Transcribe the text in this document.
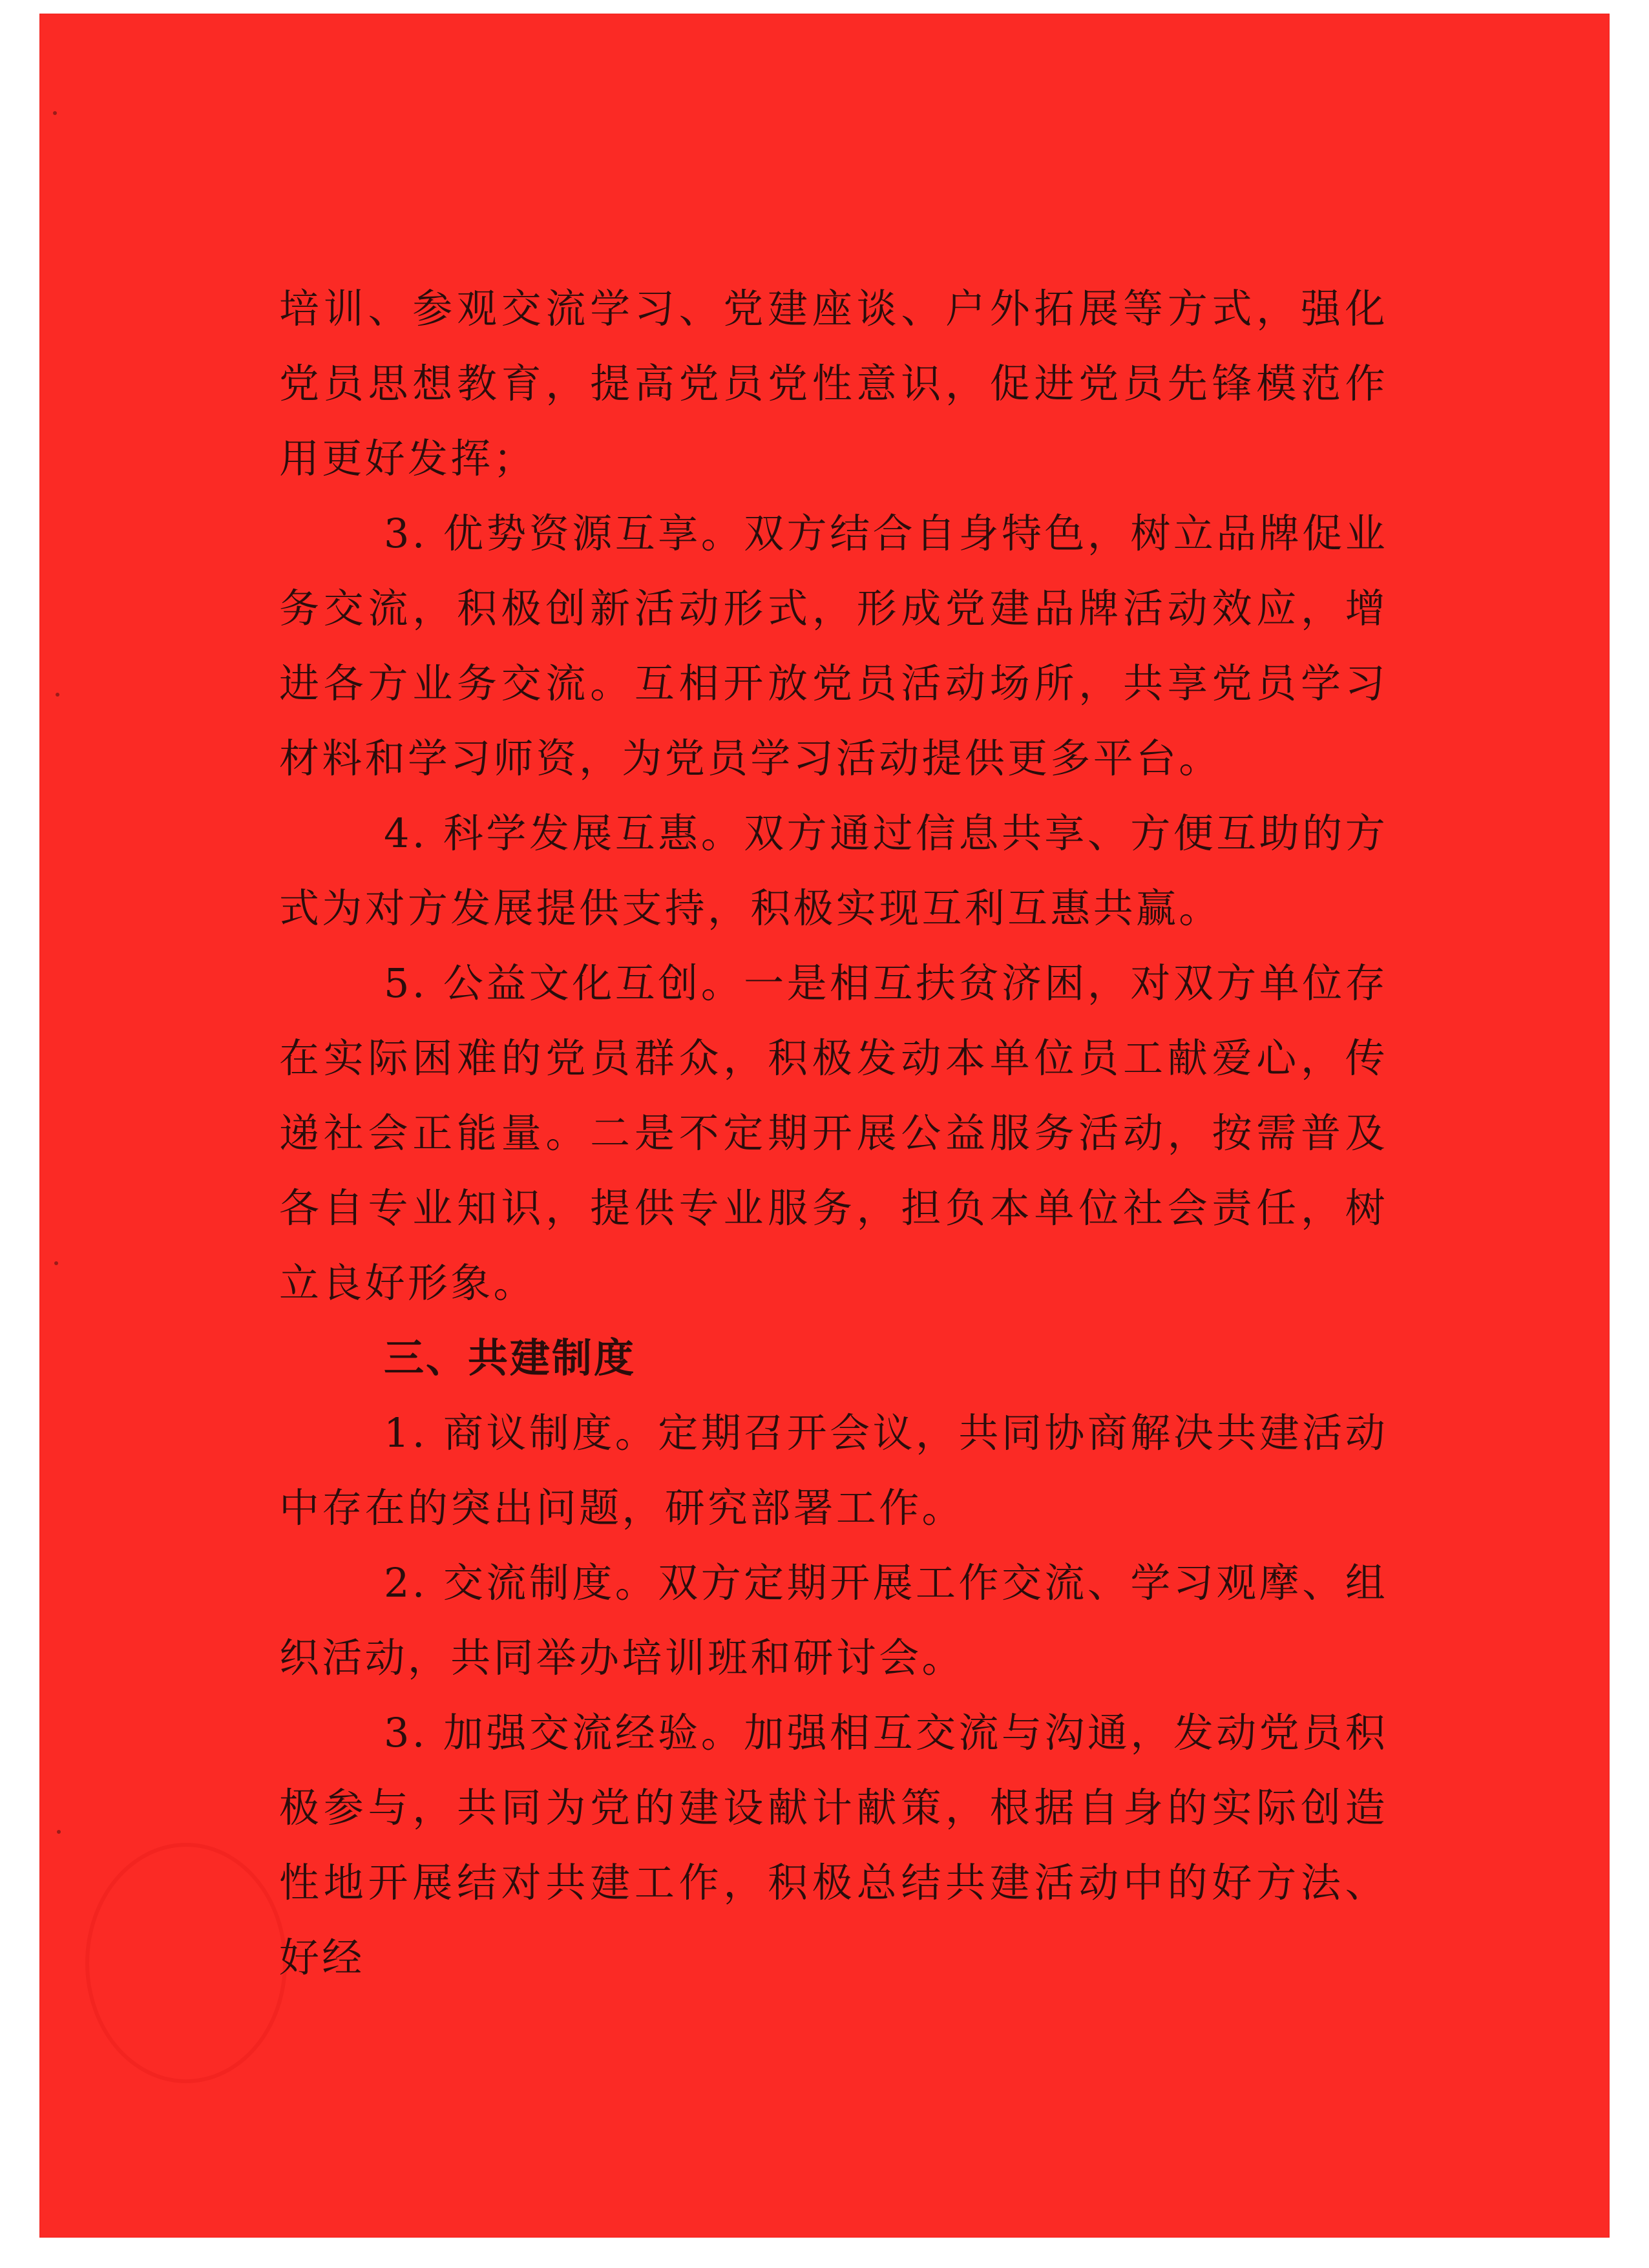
培训、参观交流学习、党建座谈、户外拓展等方式，强化党员思想教育，提高党员党性意识，促进党员先锋模范作用更好发挥；

3. 优势资源互享。双方结合自身特色，树立品牌促业务交流，积极创新活动形式，形成党建品牌活动效应，增进各方业务交流。互相开放党员活动场所，共享党员学习材料和学习师资，为党员学习活动提供更多平台。

4. 科学发展互惠。双方通过信息共享、方便互助的方式为对方发展提供支持，积极实现互利互惠共赢。

5. 公益文化互创。一是相互扶贫济困，对双方单位存在实际困难的党员群众，积极发动本单位员工献爱心，传递社会正能量。二是不定期开展公益服务活动，按需普及各自专业知识，提供专业服务，担负本单位社会责任，树立良好形象。

三、共建制度

1. 商议制度。定期召开会议，共同协商解决共建活动中存在的突出问题，研究部署工作。

2. 交流制度。双方定期开展工作交流、学习观摩、组织活动，共同举办培训班和研讨会。

3. 加强交流经验。加强相互交流与沟通，发动党员积极参与，共同为党的建设献计献策，根据自身的实际创造性地开展结对共建工作，积极总结共建活动中的好方法、好经
